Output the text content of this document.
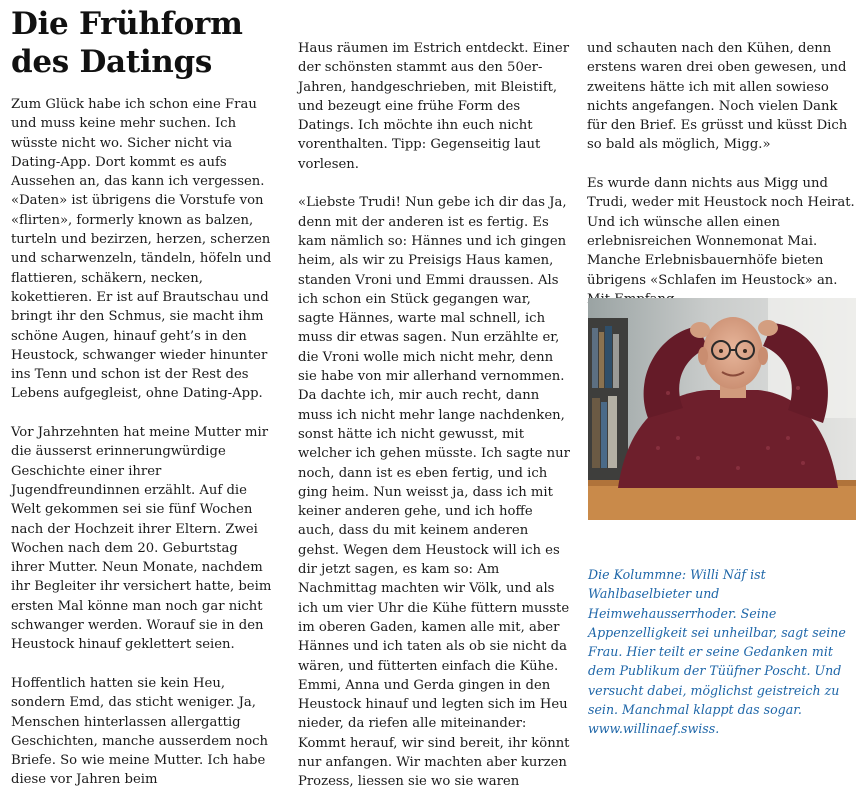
Die Frühform des Datings

Zum Glück habe ich schon eine Frau und muss keine mehr suchen. Ich wüsste nicht wo. Sicher nicht via Dating-App. Dort kommt es aufs Aussehen an, das kann ich vergessen. «Daten» ist übrigens die Vorstufe von «flirten», formerly known as balzen, turteln und bezirzen, herzen, scherzen und scharwenzeln, tändeln, höfeln und flattieren, schäkern, necken, kokettieren. Er ist auf Brautschau und bringt ihr den Schmus, sie macht ihm schöne Augen, hinauf geht’s in den Heustock, schwanger wieder hinunter ins Tenn und schon ist der Rest des Lebens aufgegleist, ohne Dating-App.

Vor Jahrzehnten hat meine Mutter mir die äusserst erinnerungwürdige Geschichte einer ihrer Jugendfreundinnen erzählt. Auf die Welt gekommen sei sie fünf Wochen nach der Hochzeit ihrer Eltern. Zwei Wochen nach dem 20. Geburtstag ihrer Mutter. Neun Monate, nachdem ihr Begleiter ihr versichert hatte, beim ersten Mal könne man noch gar nicht schwanger werden. Worauf sie in den Heustock hinauf geklettert seien.

Hoffentlich hatten sie kein Heu, sondern Emd, das sticht weniger. Ja, Menschen hinterlassen allergattig Geschichten, manche ausserdem noch Briefe. So wie meine Mutter. Ich habe diese vor Jahren beim

Haus räumen im Estrich entdeckt. Einer der schönsten stammt aus den 50er-Jahren, handgeschrieben, mit Bleistift, und bezeugt eine frühe Form des Datings. Ich möchte ihn euch nicht vorenthalten. Tipp: Gegenseitig laut vorlesen.

«Liebste Trudi! Nun gebe ich dir das Ja, denn mit der anderen ist es fertig. Es kam nämlich so: Hännes und ich gingen heim, als wir zu Preisigs Haus kamen, standen Vroni und Emmi draussen. Als ich schon ein Stück gegangen war, sagte Hännes, warte mal schnell, ich muss dir etwas sagen. Nun erzählte er, die Vroni wolle mich nicht mehr, denn sie habe von mir allerhand vernommen. Da dachte ich, mir auch recht, dann muss ich nicht mehr lange nachdenken, sonst hätte ich nicht gewusst, mit welcher ich gehen müsste. Ich sagte nur noch, dann ist es eben fertig, und ich ging heim. Nun weisst ja, dass ich mit keiner anderen gehe, und ich hoffe auch, dass du mit keinem anderen gehst. Wegen dem Heustock will ich es dir jetzt sagen, es kam so: Am Nachmittag machten wir Völk, und als ich um vier Uhr die Kühe füttern musste im oberen Gaden, kamen alle mit, aber Hännes und ich taten als ob sie nicht da wären, und fütterten einfach die Kühe. Emmi, Anna und Gerda gingen in den Heustock hinauf und legten sich im Heu nieder, da riefen alle miteinander: Kommt herauf, wir sind bereit, ihr könnt nur anfangen. Wir machten aber kurzen Prozess, liessen sie wo sie waren

und schauten nach den Kühen, denn erstens waren drei oben gewesen, und zweitens hätte ich mit allen sowieso nichts angefangen. Noch vielen Dank für den Brief. Es grüsst und küsst Dich so bald als möglich, Migg.»

Es wurde dann nichts aus Migg und Trudi, weder mit Heustock noch Heirat. Und ich wünsche allen einen erlebnisreichen Wonnemonat Mai. Manche Erlebnisbauernhöfe bieten übrigens «Schlafen im Heustock» an.

Die Kolummne: Willi Näf ist Wahlbaselbieter und Heimwehausserrhoder. Seine Appenzelligkeit sei unheilbar, sagt seine Frau. Hier teilt er seine Gedanken mit dem Publikum der Tüüfner Poscht. Und versucht dabei, möglichst geistreich zu sein. Manchmal klappt das sogar. www.willinaef.swiss.
